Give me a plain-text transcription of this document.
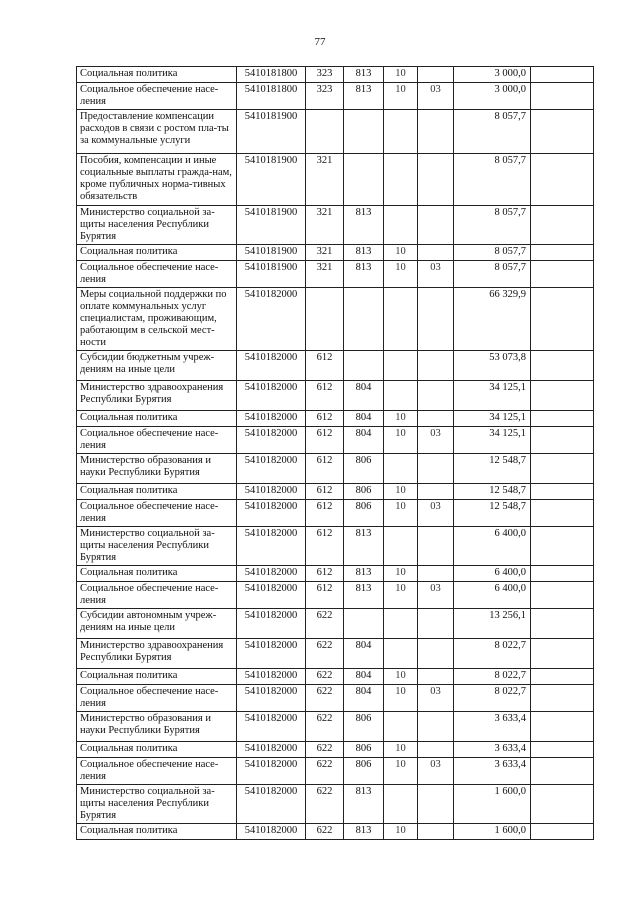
77
Социальная политика	5410181800	323	813	10		3 000,0	
Социальное обеспечение насе-ления	5410181800	323	813	10	03	3 000,0	
Предоставление компенсации расходов в связи с ростом пла-ты за коммунальные услуги	5410181900					8 057,7	
Пособия, компенсации и иные социальные выплаты гражда-нам, кроме публичных норма-тивных обязательств	5410181900	321				8 057,7	
Министерство социальной за-щиты населения Республики Бурятия	5410181900	321	813			8 057,7	
Социальная политика	5410181900	321	813	10		8 057,7	
Социальное обеспечение насе-ления	5410181900	321	813	10	03	8 057,7	
Меры социальной поддержки по оплате коммунальных услуг специалистам, проживающим, работающим в сельской мест-ности	5410182000					66 329,9	
Субсидии бюджетным учреж-дениям на иные цели	5410182000	612				53 073,8	
Министерство здравоохранения Республики Бурятия	5410182000	612	804			34 125,1	
Социальная политика	5410182000	612	804	10		34 125,1	
Социальное обеспечение насе-ления	5410182000	612	804	10	03	34 125,1	
Министерство образования и науки Республики Бурятия	5410182000	612	806			12 548,7	
Социальная политика	5410182000	612	806	10		12 548,7	
Социальное обеспечение насе-ления	5410182000	612	806	10	03	12 548,7	
Министерство социальной за-щиты населения Республики Бурятия	5410182000	612	813			6 400,0	
Социальная политика	5410182000	612	813	10		6 400,0	
Социальное обеспечение насе-ления	5410182000	612	813	10	03	6 400,0	
Субсидии автономным учреж-дениям на иные цели	5410182000	622				13 256,1	
Министерство здравоохранения Республики Бурятия	5410182000	622	804			8 022,7	
Социальная политика	5410182000	622	804	10		8 022,7	
Социальное обеспечение насе-ления	5410182000	622	804	10	03	8 022,7	
Министерство образования и науки Республики Бурятия	5410182000	622	806			3 633,4	
Социальная политика	5410182000	622	806	10		3 633,4	
Социальное обеспечение насе-ления	5410182000	622	806	10	03	3 633,4	
Министерство социальной за-щиты населения Республики Бурятия	5410182000	622	813			1 600,0	
Социальная политика	5410182000	622	813	10		1 600,0	
